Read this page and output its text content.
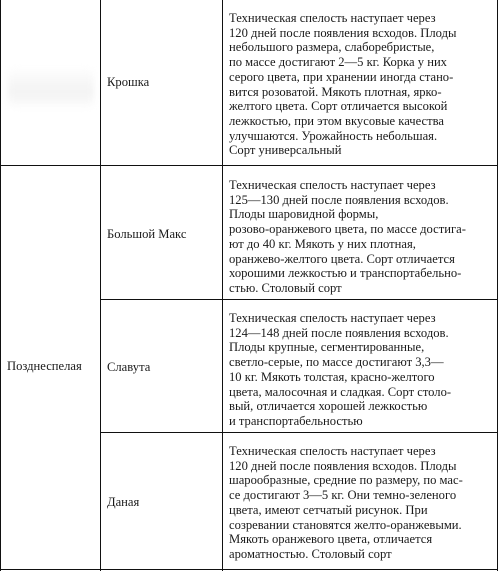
Позднеспелая
Крошка
Техническая спелость наступает через
120 дней после появления всходов. Плоды
небольшого размера, слаборебристые,
по массе достигают 2—5 кг. Корка у них
серого цвета, при хранении иногда стано-
вится розоватой. Мякоть плотная, ярко-
желтого цвета. Сорт отличается высокой
лежкостью, при этом вкусовые качества
улучшаются. Урожайность небольшая.
Сорт универсальный
Большой Макс
Техническая спелость наступает через
125—130 дней после появления всходов.
Плоды шаровидной формы,
розово-оранжевого цвета, по массе достига-
ют до 40 кг. Мякоть у них плотная,
оранжево-желтого цвета. Сорт отличается
хорошими лежкостью и транспортабельно-
стью. Столовый сорт
Славута
Техническая спелость наступает через
124—148 дней после появления всходов.
Плоды крупные, сегментированные,
светло-серые, по массе достигают 3,3—
10 кг. Мякоть толстая, красно-желтого
цвета, малосочная и сладкая. Сорт столо-
вый, отличается хорошей лежкостью
и транспортабельностью
Даная
Техническая спелость наступает через
120 дней после появления всходов. Плоды
шарообразные, средние по размеру, по мас-
се достигают 3—5 кг. Они темно-зеленого
цвета, имеют сетчатый рисунок. При
созревании становятся желто-оранжевыми.
Мякоть оранжевого цвета, отличается
ароматностью. Столовый сорт
